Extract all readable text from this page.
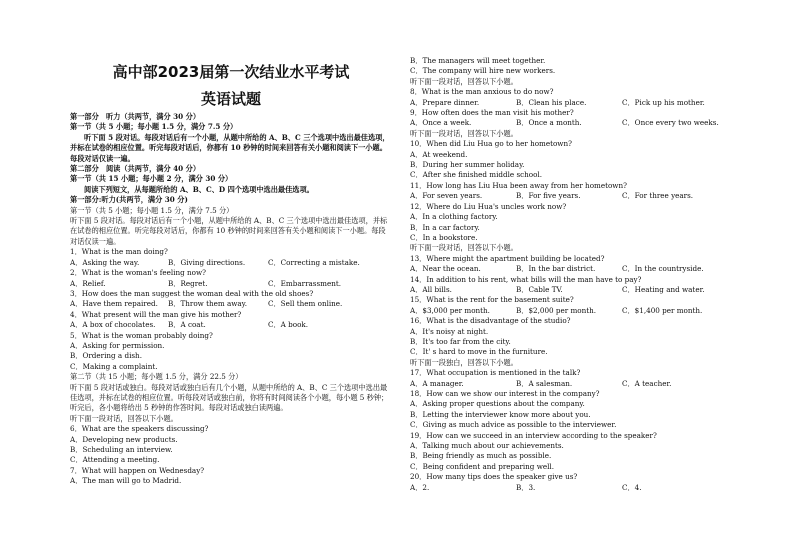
高中部2023届第一次结业水平考试
英语试题
第一部分　听力（共两节，满分 30 分）
第一节（共 5 小题；每小题 1.5 分，满分 7.5 分）
听下面 5 段对话。每段对话后有一个小题，从题中所给的 A、B、C 三个选项中选出最佳选项，并标在试卷的相应位置。听完每段对话后，你都有 10 秒钟的时间来回答有关小题和阅读下一小题。每段对话仅读一遍。
第二部分　阅读（共两节，满分 40 分）
第一节（共 15 小题；每小题 2 分，满分 30 分）
阅读下列短文，从每题所给的 A、B、C、D 四个选项中选出最佳选项。
第一部分:听力(共两节，满分 30 分)
第一节（共 5 小题；每小题 1.5 分，满分 7.5 分）
听下面 5 段对话。每段对话后有一个小题，从题中所给的 A、B、C 三个选项中选出最佳选项，并标在试卷的相应位置。听完每段对话后，你都有 10 秒钟的时间来回答有关小题和阅读下一小题。每段对话仅读一遍。
1．What is the man doing?
A．Asking the way.	B．Giving directions.	C．Correcting a mistake.
2．What is the woman's feeling now?
A．Relief.	B．Regret.	C．Embarrassment.
3．How does the man suggest the woman deal with the old shoes?
A．Have them repaired.	B．Throw them away.	C．Sell them online.
4．What present will the man give his mother?
A．A box of chocolates.	B．A coat.	C．A book.
5．What is the woman probably doing?
A．Asking for permission.
B．Ordering a dish.
C．Making a complaint.
第二节（共 15 小题；每小题 1.5 分，满分 22.5 分）
听下面 5 段对话或独白。每段对话或独白后有几个小题，从题中所给的 A、B、C 三个选项中选出最佳选项，并标在试卷的相应位置。听每段对话或独白前，你将有时间阅读各个小题，每小题 5 秒钟；听完后，各小题将给出 5 秒钟的作答时间。每段对话或独白读两遍。
听下面一段对话，回答以下小题。
6．What are the speakers discussing?
A．Developing new products.
B．Scheduling an interview.
C．Attending a meeting.
7．What will happen on Wednesday?
A．The man will go to Madrid.
B．The managers will meet together.
C．The company will hire new workers.
听下面一段对话，回答以下小题。
8．What is the man anxious to do now?
A．Prepare dinner.	B．Clean his place.	C．Pick up his mother.
9．How often does the man visit his mother?
A．Once a week.	B．Once a month.	C．Once every two weeks.
听下面一段对话，回答以下小题。
10．When did Liu Hua go to her hometown?
A．At weekend.
B．During her summer holiday.
C．After she finished middle school.
11．How long has Liu Hua been away from her hometown?
A．For seven years.	B．For five years.	C．For three years.
12．Where do Liu Hua's uncles work now?
A．In a clothing factory.
B．In a car factory.
C．In a bookstore.
听下面一段对话，回答以下小题。
13．Where might the apartment building be located?
A．Near the ocean.	B．In the bar district.	C．In the countryside.
14．In addition to his rent, what bills will the man have to pay?
A．All bills.	B．Cable TV.	C．Heating and water.
15．What is the rent for the basement suite?
A．$3,000 per month.	B．$2,000 per month.	C．$1,400 per month.
16．What is the disadvantage of the studio?
A．It's noisy at night.
B．It's too far from the city.
C．It' s hard to move in the furniture.
听下面一段独白，回答以下小题。
17．What occupation is mentioned in the talk?
A．A manager.	B．A salesman.	C．A teacher.
18．How can we show our interest in the company?
A．Asking proper questions about the company.
B．Letting the interviewer know more about you.
C．Giving as much advice as possible to the interviewer.
19．How can we succeed in an interview according to the speaker?
A．Talking much about our achievements.
B．Being friendly as much as possible.
C．Being confident and preparing well.
20．How many tips does the speaker give us?
A．2.	B．3.	C．4.
